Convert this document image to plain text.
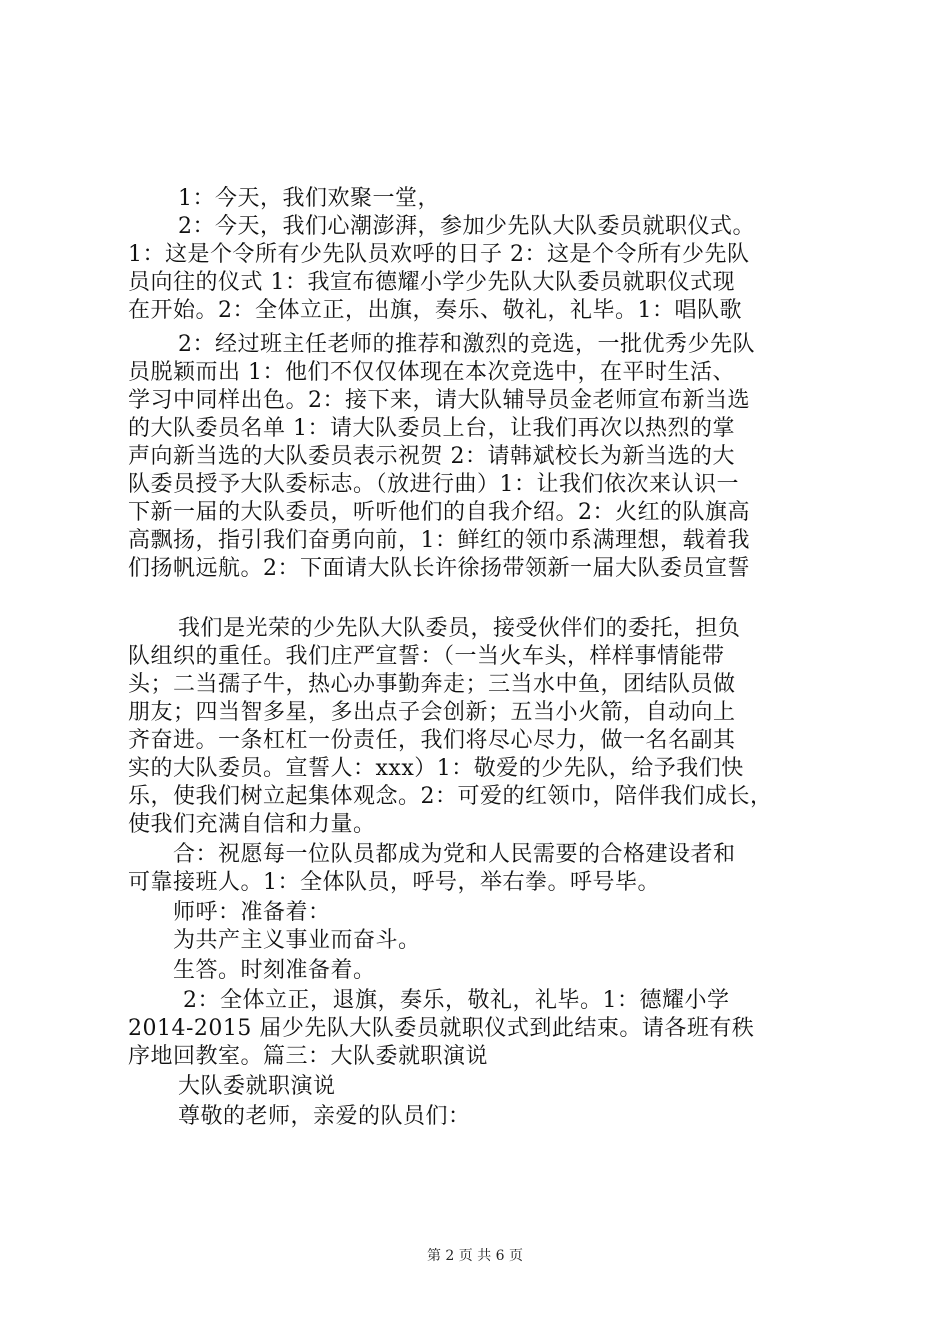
1：今天，我们欢聚一堂，
2：今天，我们心潮澎湃，参加少先队大队委员就职仪式。
1：这是个令所有少先队员欢呼的日子 2：这是个令所有少先队
员向往的仪式 1：我宣布德耀小学少先队大队委员就职仪式现
在开始。2：全体立正，出旗，奏乐、敬礼，礼毕。1：唱队歌
2：经过班主任老师的推荐和激烈的竞选，一批优秀少先队
员脱颖而出 1：他们不仅仅体现在本次竞选中，在平时生活、
学习中同样出色。2：接下来，请大队辅导员金老师宣布新当选
的大队委员名单 1：请大队委员上台，让我们再次以热烈的掌
声向新当选的大队委员表示祝贺 2：请韩斌校长为新当选的大
队委员授予大队委标志。（放进行曲）1：让我们依次来认识一
下新一届的大队委员，听听他们的自我介绍。2：火红的队旗高
高飘扬，指引我们奋勇向前，1：鲜红的领巾系满理想，载着我
们扬帆远航。2：下面请大队长许徐扬带领新一届大队委员宣誓
我们是光荣的少先队大队委员，接受伙伴们的委托，担负
队组织的重任。我们庄严宣誓：（一当火车头，样样事情能带
头；二当孺子牛，热心办事勤奔走；三当水中鱼，团结队员做
朋友；四当智多星，多出点子会创新；五当小火箭，自动向上
齐奋进。一条杠杠一份责任，我们将尽心尽力，做一名名副其
实的大队委员。宣誓人：xxx）1：敬爱的少先队，给予我们快
乐，使我们树立起集体观念。2：可爱的红领巾，陪伴我们成长，
使我们充满自信和力量。
合：祝愿每一位队员都成为党和人民需要的合格建设者和
可靠接班人。1：全体队员，呼号，举右拳。呼号毕。
师呼：准备着：
为共产主义事业而奋斗。
生答。时刻准备着。
2：全体立正，退旗，奏乐，敬礼，礼毕。1：德耀小学
2014-2015 届少先队大队委员就职仪式到此结束。请各班有秩
序地回教室。篇三：大队委就职演说
大队委就职演说
尊敬的老师，亲爱的队员们：
第 2 页 共 6 页
